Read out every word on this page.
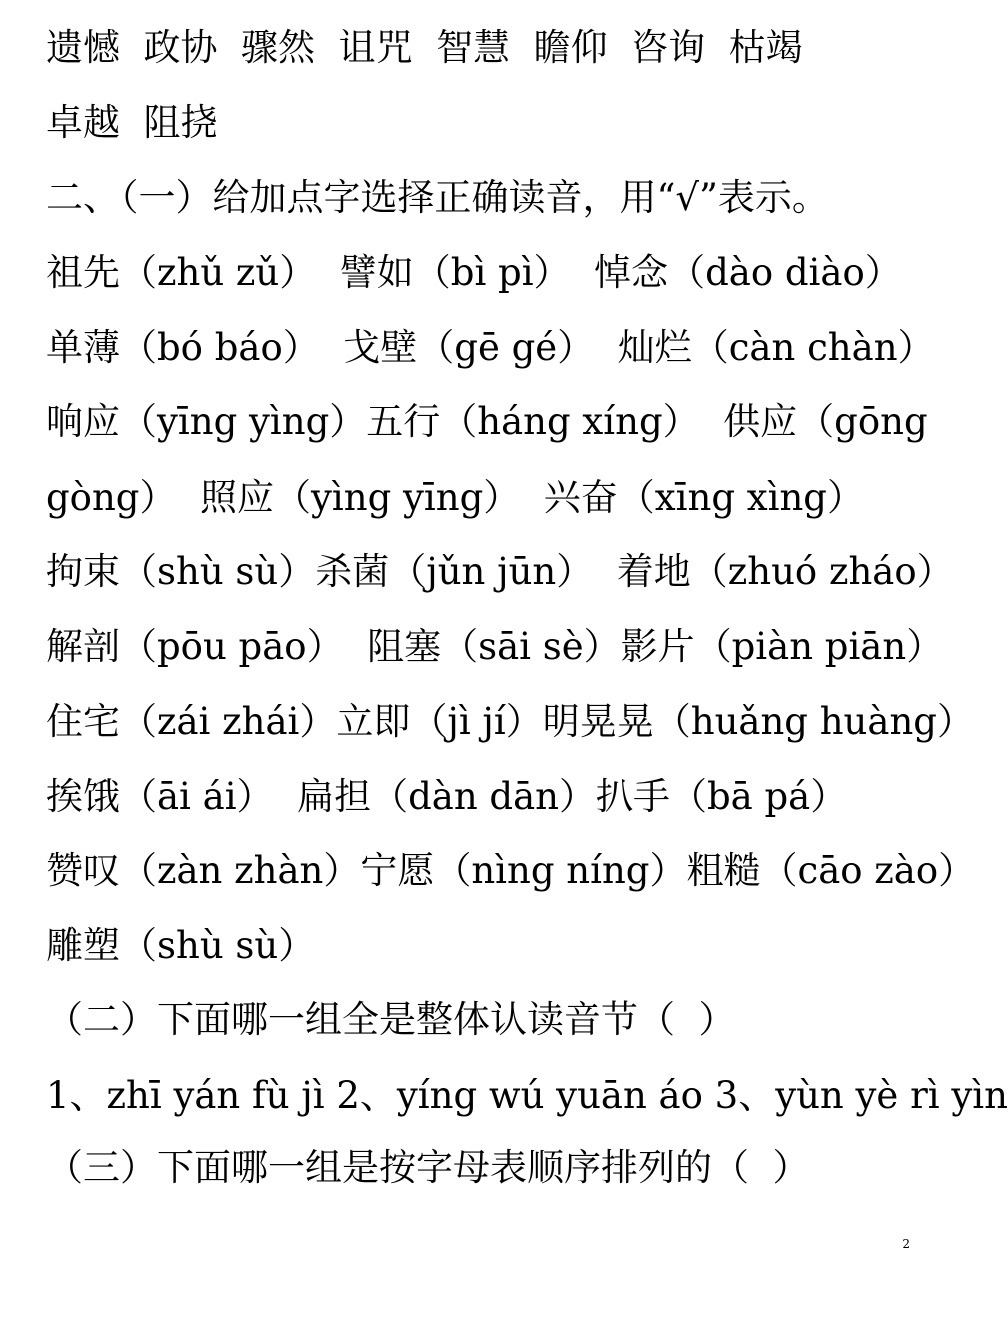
遗憾  政协  骤然  诅咒  智慧  瞻仰  咨询  枯竭
卓越  阻挠
二、（一）给加点字选择正确读音，用“√”表示。
祖先（zhǔ zǔ）  譬如（bì pì）  悼念（dào diào）
单薄（bó báo）  戈壁（gē gé）  灿烂（càn chàn）
响应（yīng yìng）五行（háng xíng）  供应（gōng
gòng）  照应（yìng yīng）  兴奋（xīng xìng）
拘束（shù sù）杀菌（jǔn jūn）  着地（zhuó zháo）
解剖（pōu pāo）  阻塞（sāi sè）影片（piàn piān）
住宅（zái zhái）立即（jì jí）明晃晃（huǎng huàng）
挨饿（āi ái）  扁担（dàn dān）扒手（bā pá）
赞叹（zàn zhàn）宁愿（nìng níng）粗糙（cāo zào）
雕塑（shù sù）
（二）下面哪一组全是整体认读音节（  ）
1、zhī yán fù jì 2、yíng wú yuān áo 3、yùn yè rì yìn
（三）下面哪一组是按字母表顺序排列的（  ）
2
